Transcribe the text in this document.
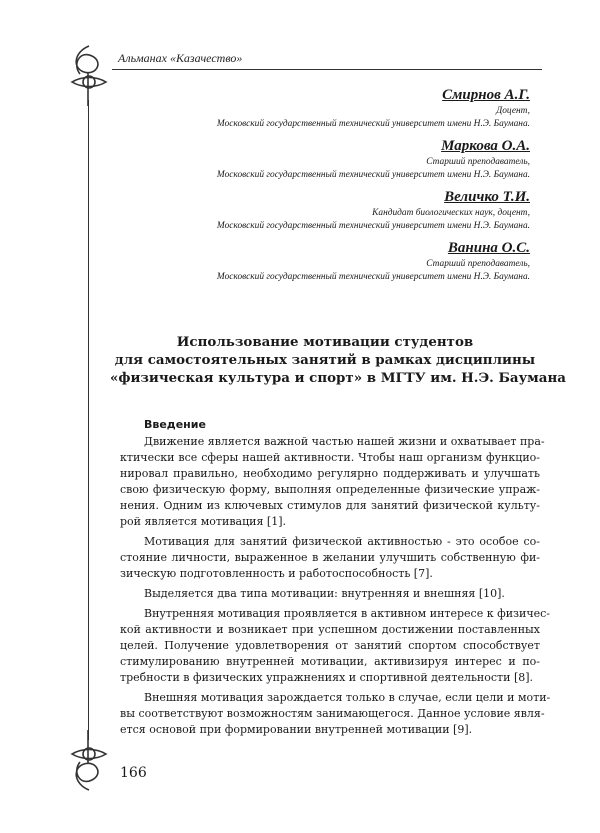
Альманах «Казачество»
Смирнов А.Г.
Доцент,
Московский государственный технический университет имени Н.Э. Баумана.
Маркова О.А.
Старший преподаватель,
Московский государственный технический университет имени Н.Э. Баумана.
Величко Т.И.
Кандидат биологических наук, доцент,
Московский государственный технический университет имени Н.Э. Баумана.
Ванина О.С.
Старший преподаватель,
Московский государственный технический университет имени Н.Э. Баумана.
Использование мотивации студентов
для самостоятельных занятий в рамках дисциплины
«физическая культура и спорт» в МГТУ им. Н.Э. Баумана
Введение
Движение является важной частью нашей жизни и охватывает пра-
ктически все сферы нашей активности. Чтобы наш организм функцио-
нировал правильно, необходимо регулярно поддерживать и улучшать
свою физическую форму, выполняя определенные физические упраж-
нения. Одним из ключевых стимулов для занятий физической культу-
рой является мотивация [1].
Мотивация для занятий физической активностью - это особое со-
стояние личности, выраженное в желании улучшить собственную фи-
зическую подготовленность и работоспособность [7].
Выделяется два типа мотивации: внутренняя и внешняя [10].
Внутренняя мотивация проявляется в активном интересе к физичес-
кой активности и возникает при успешном достижении поставленных
целей. Получение удовлетворения от занятий спортом способствует
стимулированию внутренней мотивации, активизируя интерес и по-
требности в физических упражнениях и спортивной деятельности [8].
Внешняя мотивация зарождается только в случае, если цели и моти-
вы соответствуют возможностям занимающегося. Данное условие явля-
ется основой при формировании внутренней мотивации [9].
166
